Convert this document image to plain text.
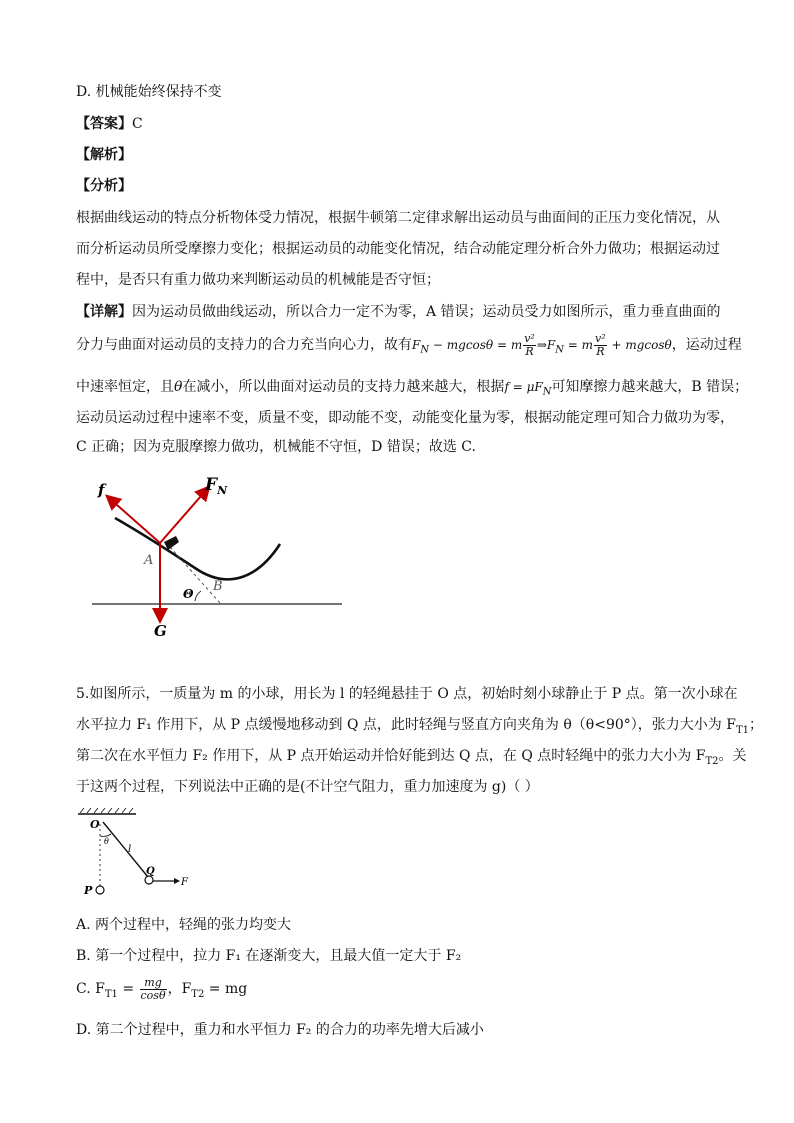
D. 机械能始终保持不变
【答案】C
【解析】
【分析】
根据曲线运动的特点分析物体受力情况，根据牛顿第二定律求解出运动员与曲面间的正压力变化情况，从
而分析运动员所受摩擦力变化；根据运动员的动能变化情况，结合动能定理分析合外力做功；根据运动过
程中，是否只有重力做功来判断运动员的机械能是否守恒；
【详解】因为运动员做曲线运动，所以合力一定不为零，A 错误；运动员受力如图所示，重力垂直曲面的
分力与曲面对运动员的支持力的合力充当向心力，故有$F_N - mgcos\theta = m \frac{\text{v²}}{R}$ $\Rightarrow F_N = m \frac{\text{v²}}{R} + mgcos\theta$，运动过程
中速率恒定，且θ在减小，所以曲面对运动员的支持力越来越大，根据$f = \mu F_N$可知摩擦力越来越大，B 错误；
运动员运动过程中速率不变，质量不变，即动能不变，动能变化量为零，根据动能定理可知合力做功为零，
C 正确；因为克服摩擦力做功，机械能不守恒，D 错误；故选 C.
f	$F_N$
A
B
Θ
G
5.如图所示，一质量为 m 的小球，用长为 l 的轻绳悬挂于 O 点，初始时刻小球静止于 P 点。第一次小球在
水平拉力 F₁ 作用下，从 P 点缓慢地移动到 Q 点，此时轻绳与竖直方向夹角为 θ（θ<90°），张力大小为 $F_{T1}$；
第二次在水平恒力 F₂ 作用下，从 P 点开始运动并恰好能到达 Q 点，在 Q 点时轻绳中的张力大小为 $F_{T2}$。关
于这两个过程，下列说法中正确的是(不计空气阻力，重力加速度为 g)（ ）
O
θ
l
Q
F
P
A. 两个过程中，轻绳的张力均变大
B. 第一个过程中，拉力 F₁ 在逐渐变大，且最大值一定大于 F₂
C. $F_{T1} = \frac{mg}{\cos\theta}$ ，$F_{T2}$ = mg
D. 第二个过程中，重力和水平恒力 F₂ 的合力的功率先增大后减小
